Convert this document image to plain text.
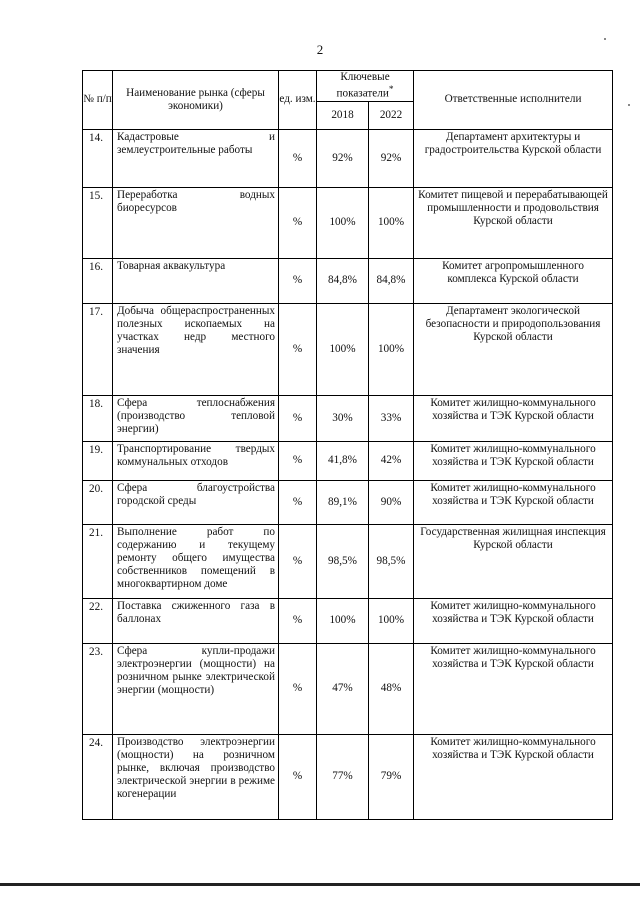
2
№ п/п	Наименование рынка (сферы экономики)	ед. изм.	Ключевые показатели*		Ответственные исполнители
			2018	2022	
14.	Кадастровые и землеустроительные работы	%	92%	92%	Департамент архитектуры и градостроительства Курской области
15.	Переработка водных биоресурсов	%	100%	100%	Комитет пищевой и перерабатывающей промышленности и продовольствия Курской области
16.	Товарная аквакультура	%	84,8%	84,8%	Комитет агропромышленного комплекса Курской области
17.	Добыча общераспространенных полезных ископаемых на участках недр местного значения	%	100%	100%	Департамент экологической безопасности и природопользования Курской области
18.	Сфера теплоснабжения (производство тепловой энергии)	%	30%	33%	Комитет жилищно-коммунального хозяйства и ТЭК Курской области
19.	Транспортирование твердых коммунальных отходов	%	41,8%	42%	Комитет жилищно-коммунального хозяйства и ТЭК Курской области
20.	Сфера благоустройства городской среды	%	89,1%	90%	Комитет жилищно-коммунального хозяйства и ТЭК Курской области
21.	Выполнение работ по содержанию и текущему ремонту общего имущества собственников помещений в многоквартирном доме	%	98,5%	98,5%	Государственная жилищная инспекция Курской области
22.	Поставка сжиженного газа в баллонах	%	100%	100%	Комитет жилищно-коммунального хозяйства и ТЭК Курской области
23.	Сфера купли-продажи электроэнергии (мощности) на розничном рынке электрической энергии (мощности)	%	47%	48%	Комитет жилищно-коммунального хозяйства и ТЭК Курской области
24.	Производство электроэнергии (мощности) на розничном рынке, включая производство электрической энергии в режиме когенерации	%	77%	79%	Комитет жилищно-коммунального хозяйства и ТЭК Курской области
